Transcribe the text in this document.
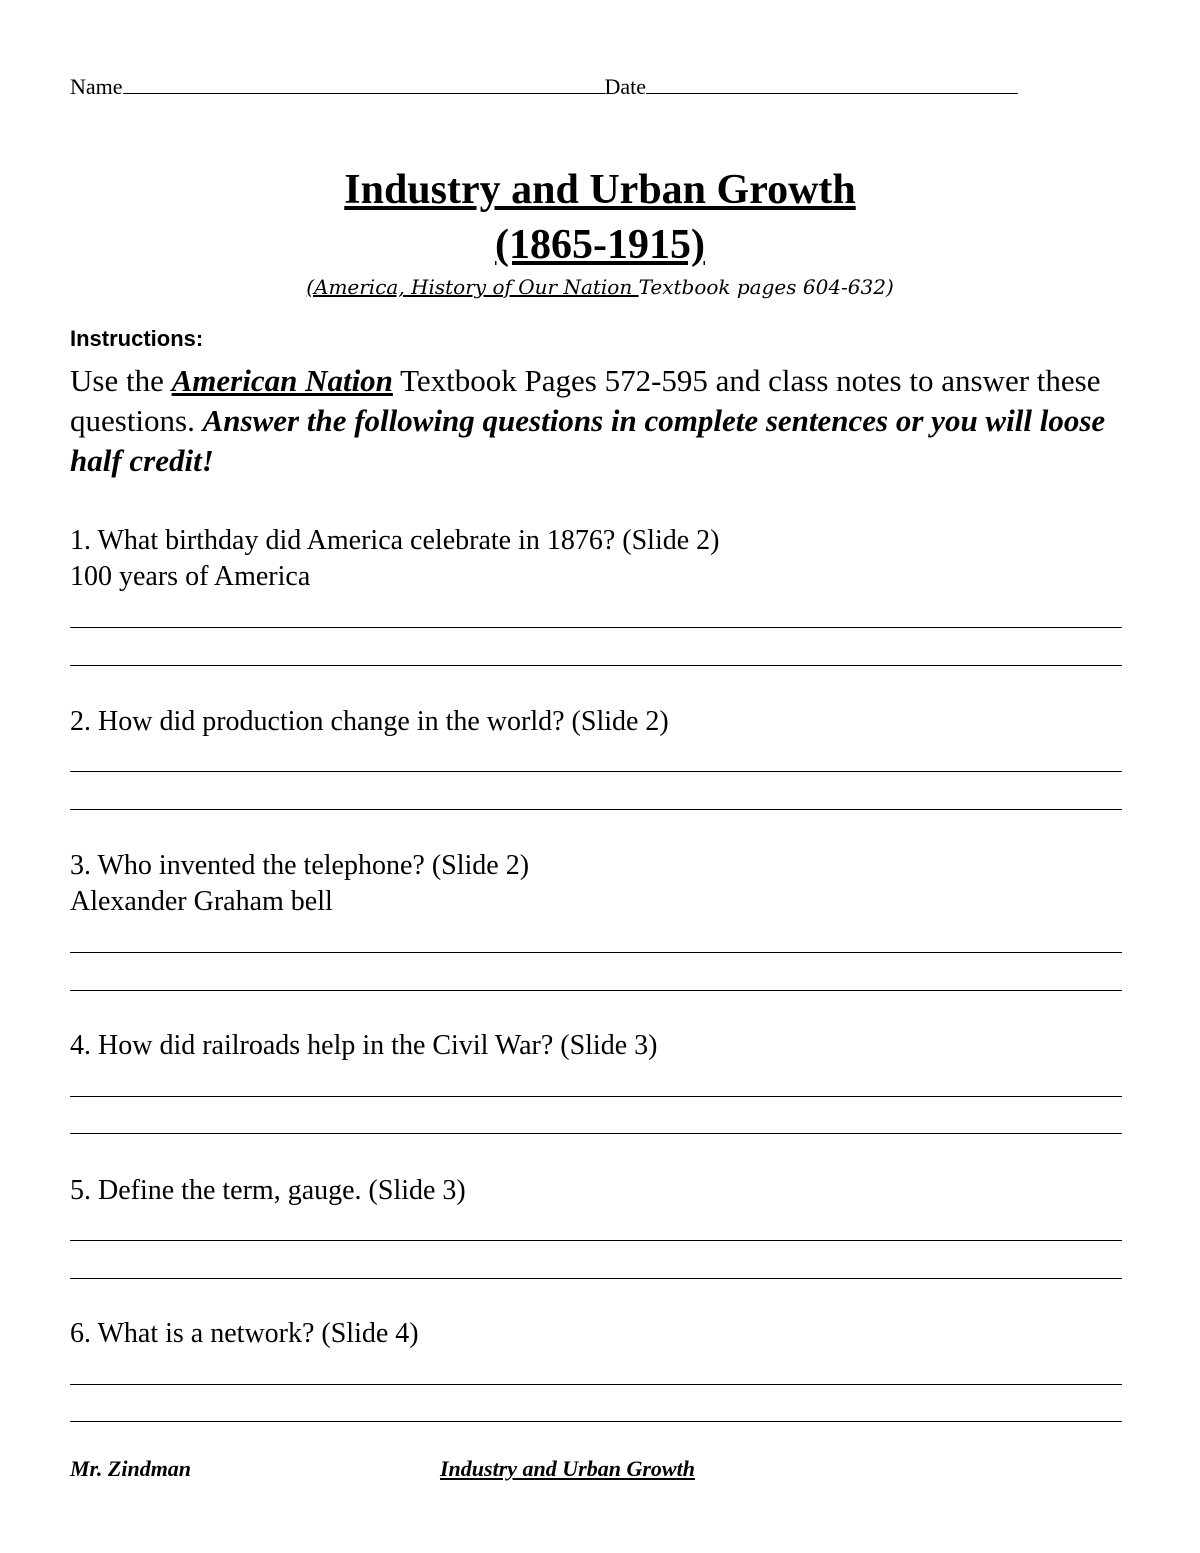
Name	Date
Industry and Urban Growth
(1865-1915)
(America, History of Our Nation Textbook pages 604-632)
Instructions:
Use the American Nation Textbook Pages 572-595 and class notes to answer these questions. Answer the following questions in complete sentences or you will loose half credit!
1. What birthday did America celebrate in 1876? (Slide 2)
100 years of America
2. How did production change in the world? (Slide 2)
3. Who invented the telephone? (Slide 2)
Alexander Graham bell
4. How did railroads help in the Civil War? (Slide 3)
5. Define the term, gauge. (Slide 3)
6. What is a network? (Slide 4)
Mr. Zindman	Industry and Urban Growth
